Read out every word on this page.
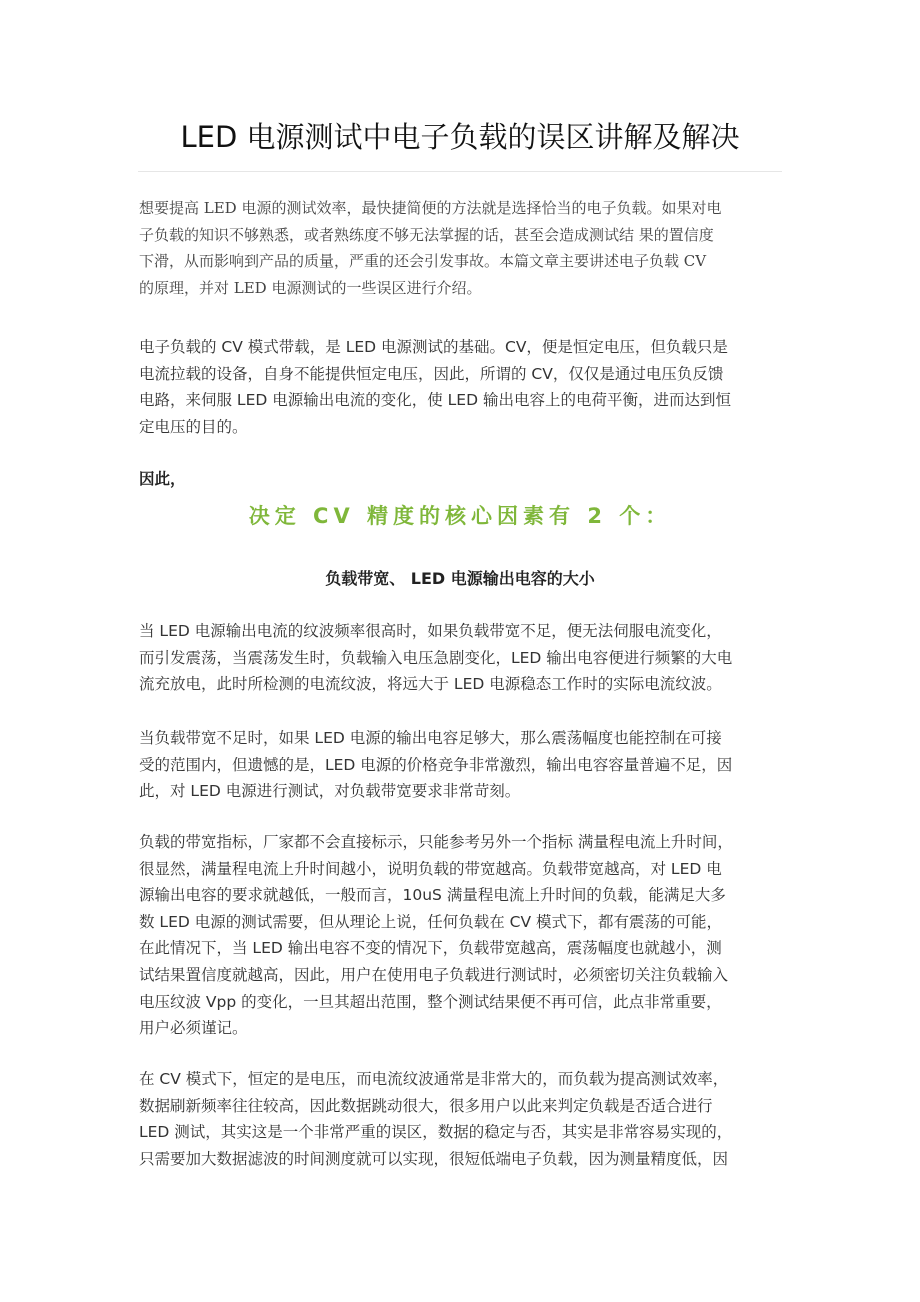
LED 电源测试中电子负载的误区讲解及解决

想要提高 LED 电源的测试效率，最快捷简便的方法就是选择恰当的电子负载。如果对电
子负载的知识不够熟悉，或者熟练度不够无法掌握的话，甚至会造成测试结 果的置信度
下滑，从而影响到产品的质量，严重的还会引发事故。本篇文章主要讲述电子负载 CV
的原理，并对 LED 电源测试的一些误区进行介绍。

电子负载的 CV 模式带载，是 LED 电源测试的基础。CV，便是恒定电压，但负载只是
电流拉载的设备，自身不能提供恒定电压，因此，所谓的 CV，仅仅是通过电压负反馈
电路，来伺服 LED 电源输出电流的变化，使 LED 输出电容上的电荷平衡，进而达到恒
定电压的目的。

因此，

决定 CV 精度的核心因素有 2 个：

负载带宽、 LED 电源输出电容的大小

当 LED 电源输出电流的纹波频率很高时，如果负载带宽不足，便无法伺服电流变化，
而引发震荡，当震荡发生时，负载输入电压急剧变化，LED 输出电容便进行频繁的大电
流充放电，此时所检测的电流纹波，将远大于 LED 电源稳态工作时的实际电流纹波。

当负载带宽不足时，如果 LED 电源的输出电容足够大，那么震荡幅度也能控制在可接
受的范围内，但遗憾的是，LED 电源的价格竞争非常激烈，输出电容容量普遍不足，因
此，对 LED 电源进行测试，对负载带宽要求非常苛刻。

负载的带宽指标，厂家都不会直接标示，只能参考另外一个指标 满量程电流上升时间，
很显然，满量程电流上升时间越小，说明负载的带宽越高。负载带宽越高，对 LED 电
源输出电容的要求就越低，一般而言，10uS 满量程电流上升时间的负载，能满足大多
数 LED 电源的测试需要，但从理论上说，任何负载在 CV 模式下，都有震荡的可能，
在此情况下，当 LED 输出电容不变的情况下，负载带宽越高，震荡幅度也就越小，测
试结果置信度就越高，因此，用户在使用电子负载进行测试时，必须密切关注负载输入
电压纹波 Vpp 的变化，一旦其超出范围，整个测试结果便不再可信，此点非常重要，
用户必须谨记。

在 CV 模式下，恒定的是电压，而电流纹波通常是非常大的，而负载为提高测试效率，
数据刷新频率往往较高，因此数据跳动很大，很多用户以此来判定负载是否适合进行
LED 测试，其实这是一个非常严重的误区，数据的稳定与否，其实是非常容易实现的，
只需要加大数据滤波的时间测度就可以实现，很短低端电子负载，因为测量精度低，因
